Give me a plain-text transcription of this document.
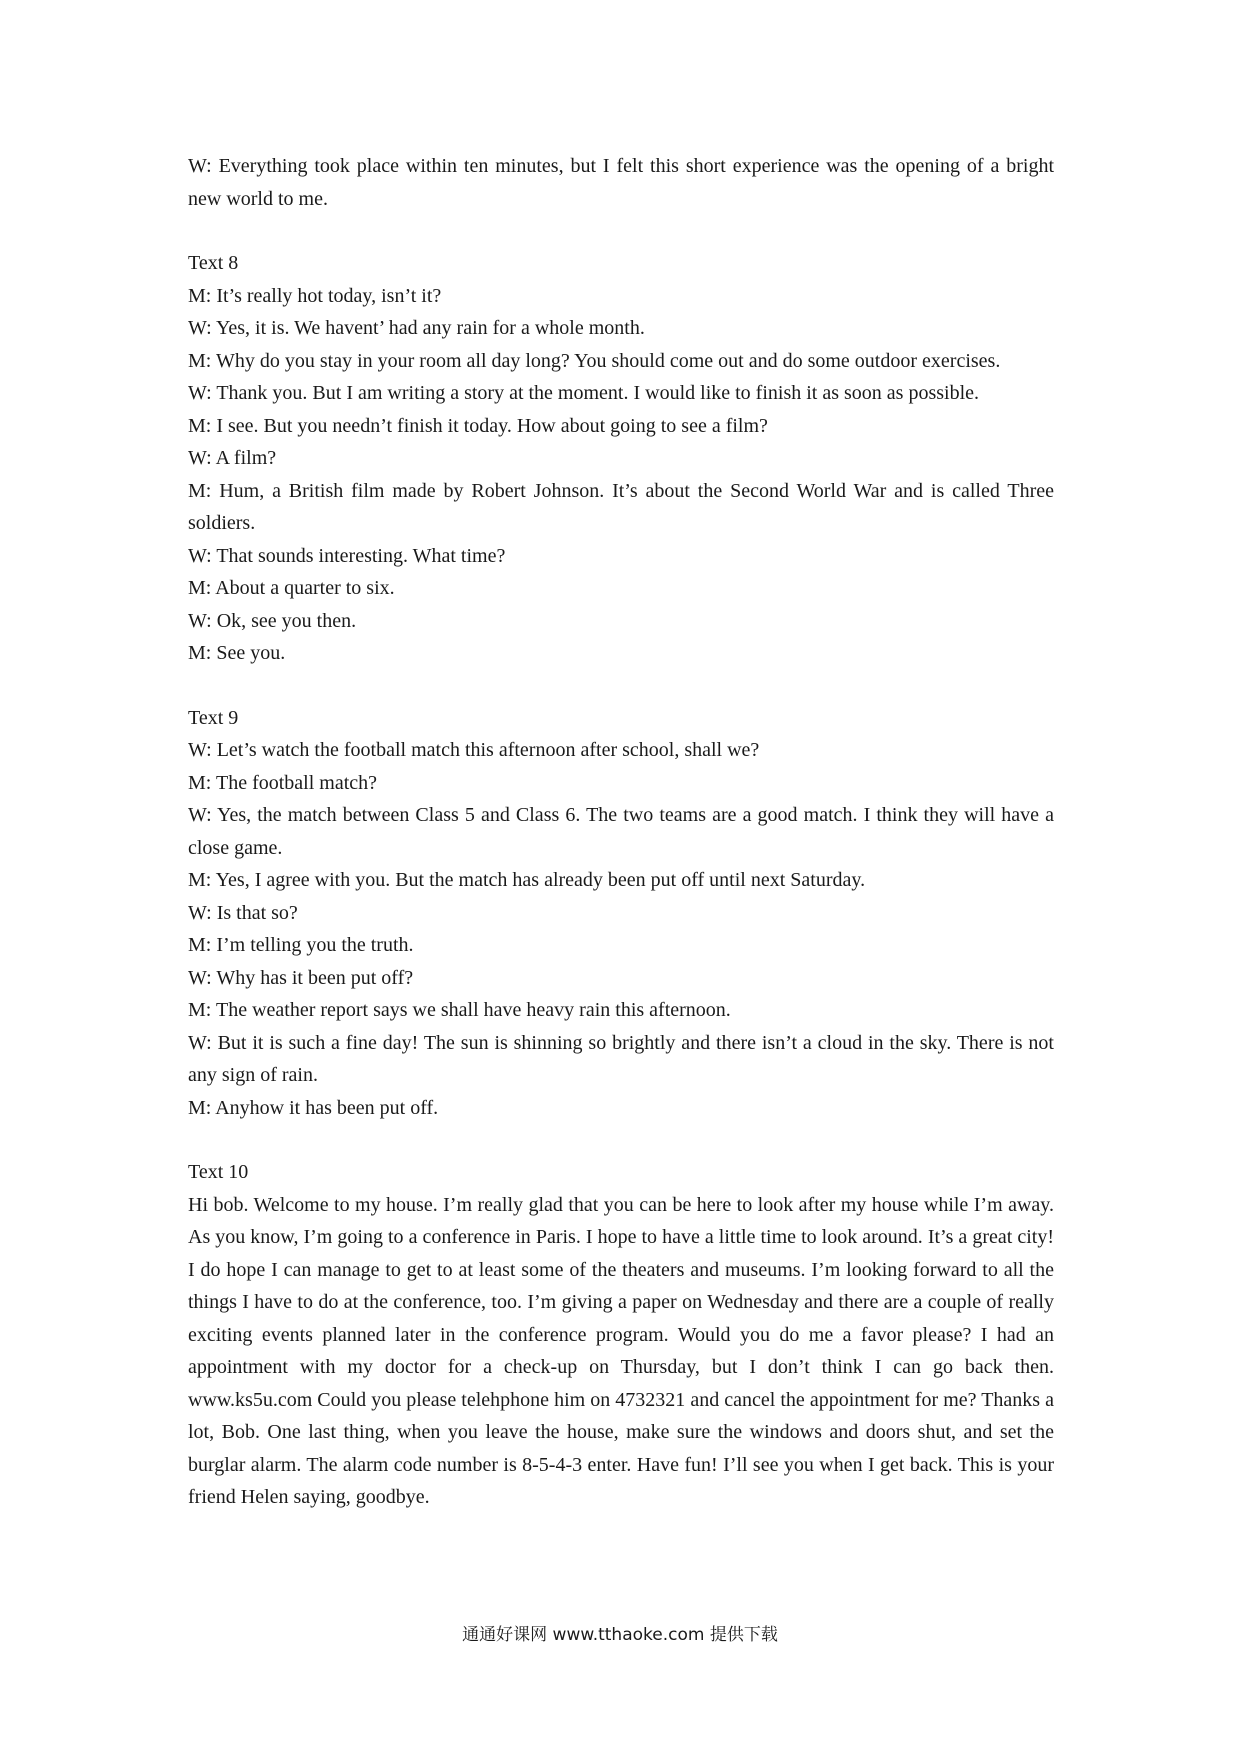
W: Everything took place within ten minutes, but I felt this short experience was the opening of a bright new world to me.

Text 8

M: It’s really hot today, isn’t it?

W: Yes, it is. We havent’ had any rain for a whole month.

M: Why do you stay in your room all day long? You should come out and do some outdoor exercises.

W: Thank you. But I am writing a story at the moment. I would like to finish it as soon as possible.

M: I see. But you needn’t finish it today. How about going to see a film?

W: A film?

M: Hum, a British film made by Robert Johnson. It’s about the Second World War and is called Three soldiers.

W: That sounds interesting. What time?

M: About a quarter to six.

W: Ok, see you then.

M: See you.

Text 9

W: Let’s watch the football match this afternoon after school, shall we?

M: The football match?

W: Yes, the match between Class 5 and Class 6. The two teams are a good match. I think they will have a close game.

M: Yes, I agree with you. But the match has already been put off until next Saturday.

W: Is that so?

M: I’m telling you the truth.

W: Why has it been put off?

M: The weather report says we shall have heavy rain this afternoon.

W: But it is such a fine day! The sun is shinning so brightly and there isn’t a cloud in the sky. There is not any sign of rain.

M: Anyhow it has been put off.

Text 10

Hi bob. Welcome to my house. I’m really glad that you can be here to look after my house while I’m away. As you know, I’m going to a conference in Paris. I hope to have a little time to look around. It’s a great city! I do hope I can manage to get to at least some of the theaters and museums. I’m looking forward to all the things I have to do at the conference, too. I’m giving a paper on Wednesday and there are a couple of really exciting events planned later in the conference program. Would you do me a favor please? I had an appointment with my doctor for a check-up on Thursday, but I don’t think I can go back then. www.ks5u.com Could you please telehphone him on 4732321 and cancel the appointment for me? Thanks a lot, Bob. One last thing, when you leave the house, make sure the windows and doors shut, and set the burglar alarm. The alarm code number is 8-5-4-3 enter. Have fun! I’ll see you when I get back. This is your friend Helen saying, goodbye.

通通好课网 www.tthaoke.com 提供下载
